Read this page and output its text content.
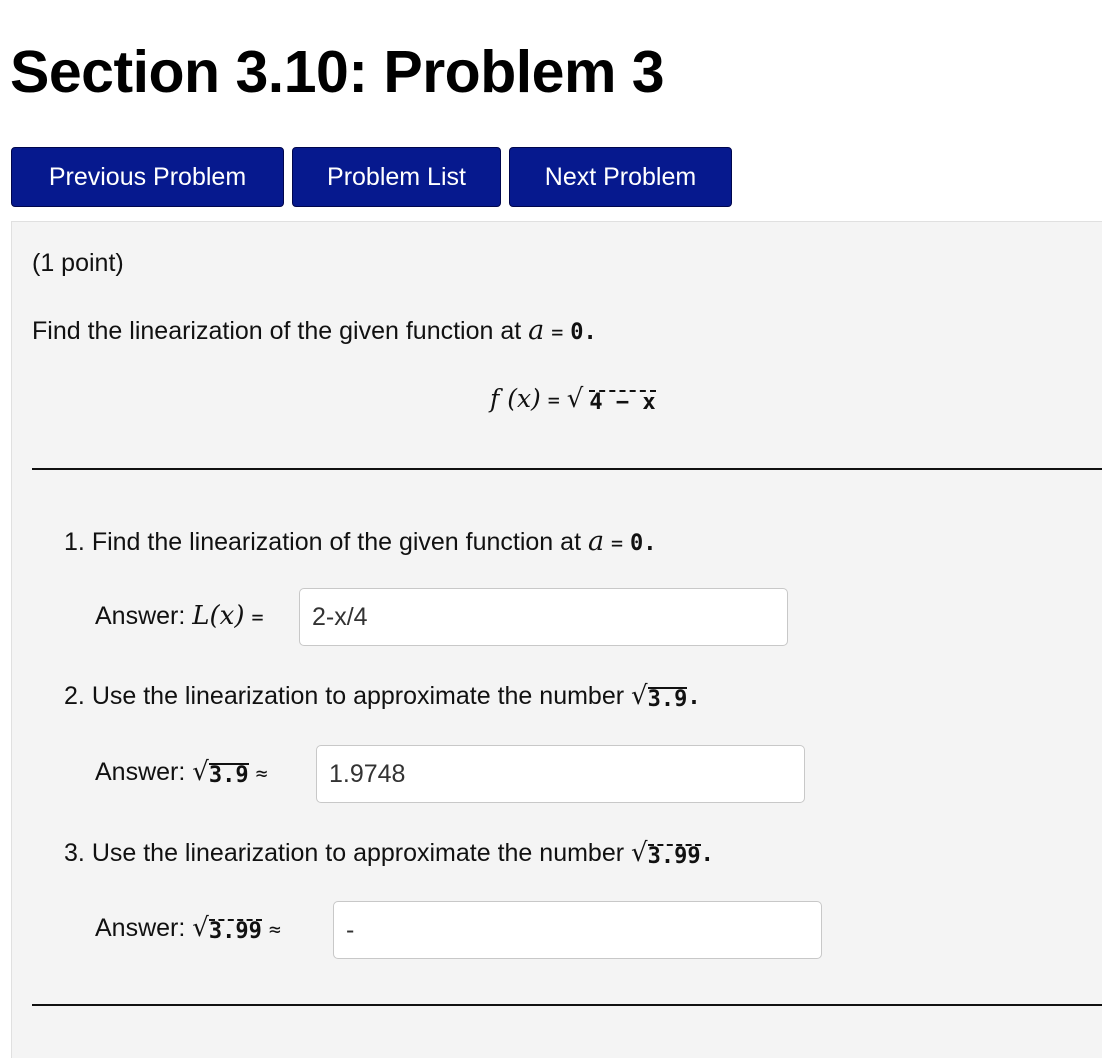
Section 3.10: Problem 3
Previous Problem	Problem List	Next Problem
(1 point)
Find the linearization of the given function at a = 0.
f (x) = √ 4 − x
1. Find the linearization of the given function at a = 0.
Answer: L(x) =	2-x/4
2. Use the linearization to approximate the number √ 3.9 .
Answer: √ 3.9 ≈	1.9748
3. Use the linearization to approximate the number √ 3.99 .
Answer: √ 3.99 ≈	-
